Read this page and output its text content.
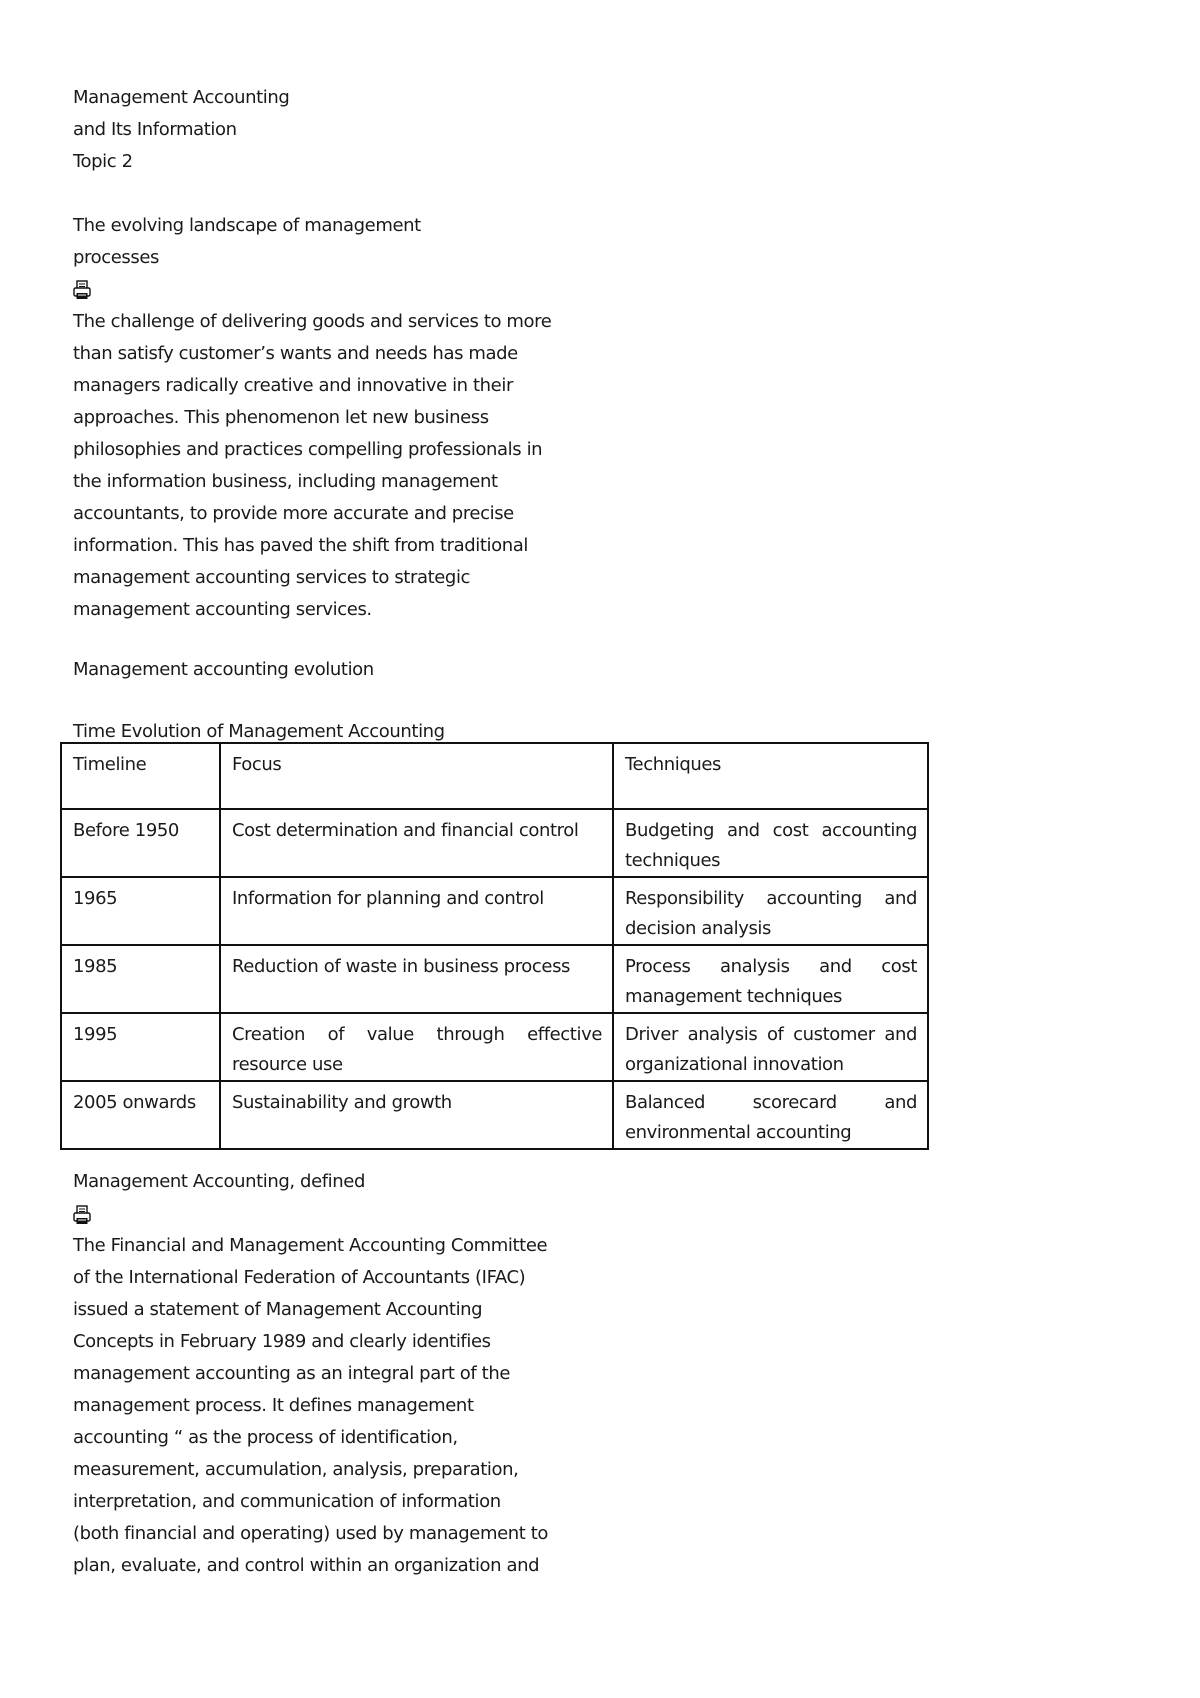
Management Accounting
and Its Information
Topic 2
The evolving landscape of management
processes
The challenge of delivering goods and services to more
than satisfy customer’s wants and needs has made
managers radically creative and innovative in their
approaches. This phenomenon let new business
philosophies and practices compelling professionals in
the information business, including management
accountants, to provide more accurate and precise
information. This has paved the shift from traditional
management accounting services to strategic
management accounting services.
Management accounting evolution
Time Evolution of Management Accounting
Timeline	Focus	Techniques
Before 1950	Cost determination and financial control	Budgeting and cost accounting
techniques
1965	Information for planning and control	Responsibility accounting and
decision analysis
1985	Reduction of waste in business process	Process analysis and cost
management techniques
1995	Creation of value through effective
resource use	Driver analysis of customer and
organizational innovation
2005 onwards	Sustainability and growth	Balanced scorecard and
environmental accounting
Management Accounting, defined
The Financial and Management Accounting Committee
of the International Federation of Accountants (IFAC)
issued a statement of Management Accounting
Concepts in February 1989 and clearly identifies
management accounting as an integral part of the
management process. It defines management
accounting “ as the process of identification,
measurement, accumulation, analysis, preparation,
interpretation, and communication of information
(both financial and operating) used by management to
plan, evaluate, and control within an organization and
